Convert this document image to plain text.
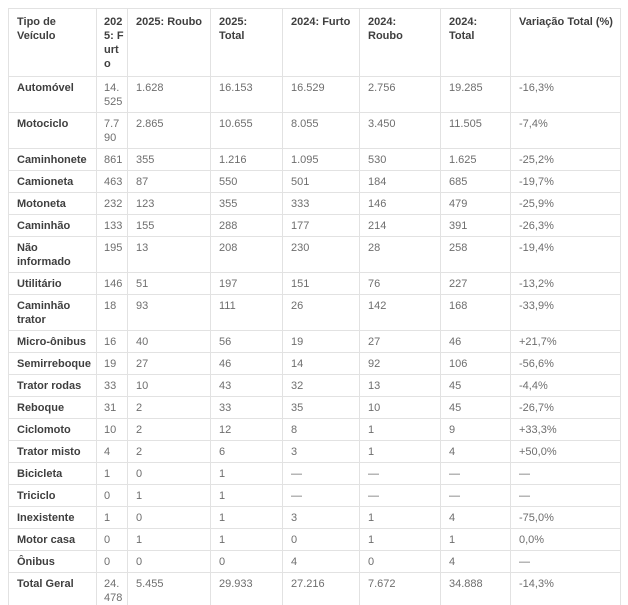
Tipo de Veículo	2025: Furto	2025: Roubo	2025: Total	2024: Furto	2024: Roubo	2024: Total	Variação Total (%)
Automóvel	14.525	1.628	16.153	16.529	2.756	19.285	-16,3%
Motociclo	7.790	2.865	10.655	8.055	3.450	11.505	-7,4%
Caminhonete	861	355	1.216	1.095	530	1.625	-25,2%
Camioneta	463	87	550	501	184	685	-19,7%
Motoneta	232	123	355	333	146	479	-25,9%
Caminhão	133	155	288	177	214	391	-26,3%
Não informado	195	13	208	230	28	258	-19,4%
Utilitário	146	51	197	151	76	227	-13,2%
Caminhão trator	18	93	111	26	142	168	-33,9%
Micro-ônibus	16	40	56	19	27	46	+21,7%
Semirreboque	19	27	46	14	92	106	-56,6%
Trator rodas	33	10	43	32	13	45	-4,4%
Reboque	31	2	33	35	10	45	-26,7%
Ciclomoto	10	2	12	8	1	9	+33,3%
Trator misto	4	2	6	3	1	4	+50,0%
Bicicleta	1	0	1	—	—	—	—
Triciclo	0	1	1	—	—	—	—
Inexistente	1	0	1	3	1	4	-75,0%
Motor casa	0	1	1	0	1	1	0,0%
Ônibus	0	0	0	4	0	4	—
Total Geral	24.478	5.455	29.933	27.216	7.672	34.888	-14,3%
